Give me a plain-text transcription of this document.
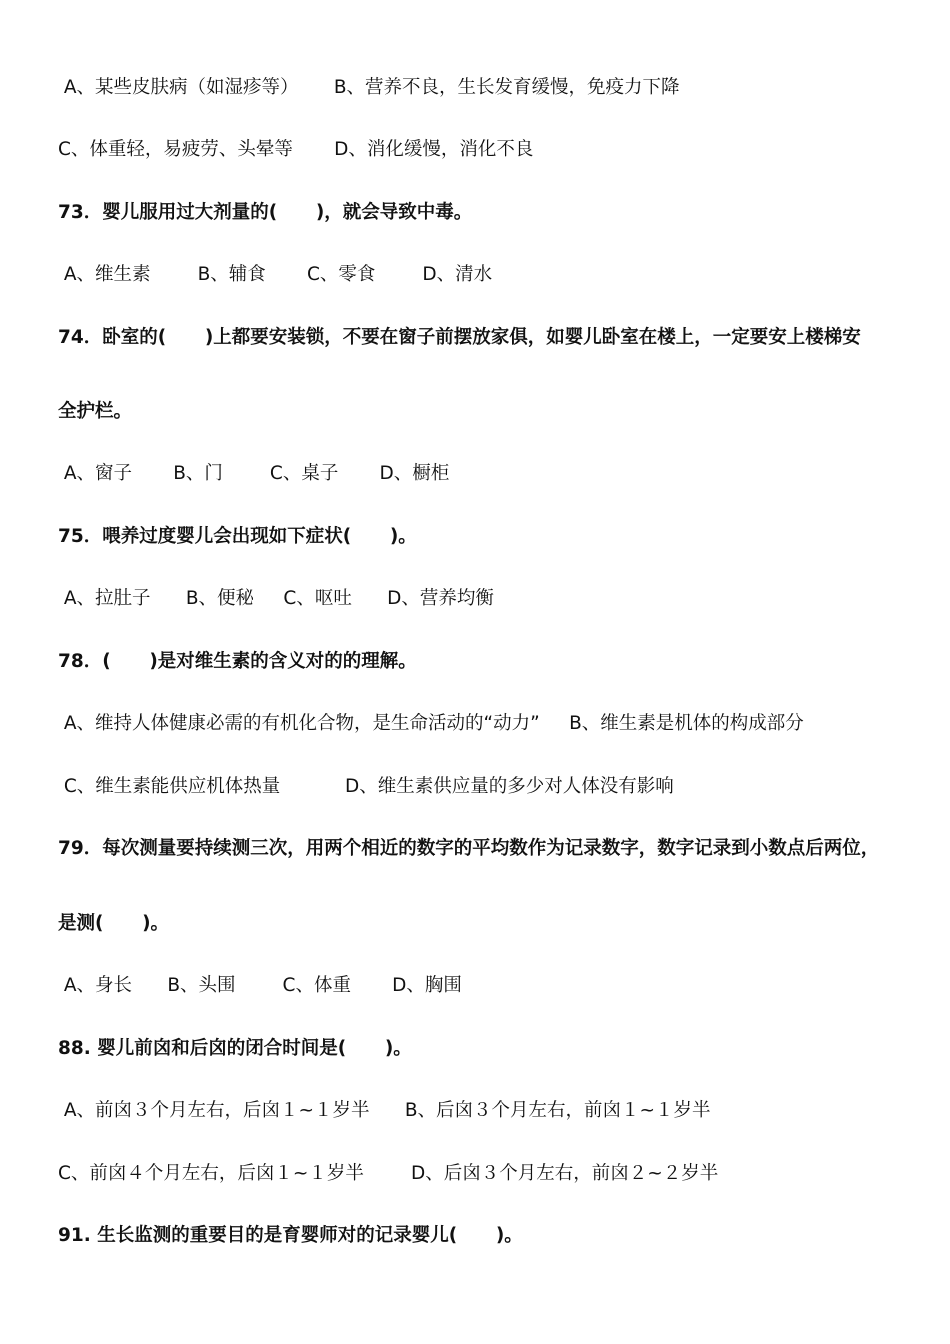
A、某些皮肤病（如湿疹等）      B、营养不良，生长发育缓慢，免疫力下降
C、体重轻，易疲劳、头晕等       D、消化缓慢，消化不良
73．婴儿服用过大剂量的(      )，就会导致中毒。
A、维生素        B、辅食       C、零食        D、清水
74．卧室的(      )上都要安装锁，不要在窗子前摆放家俱，如婴儿卧室在楼上，一定要安上楼梯安
全护栏。
A、窗子       B、门        C、桌子       D、橱柜
75．喂养过度婴儿会出现如下症状(      )。
A、拉肚子      B、便秘     C、呕吐      D、营养均衡
78．(      )是对维生素的含义对的的理解。
A、维持人体健康必需的有机化合物，是生命活动的“动力”     B、维生素是机体的构成部分
C、维生素能供应机体热量           D、维生素供应量的多少对人体没有影响
79．每次测量要持续测三次，用两个相近的数字的平均数作为记录数字，数字记录到小数点后两位，
是测(      )。
A、身长      B、头围        C、体重       D、胸围
88. 婴儿前囟和后囟的闭合时间是(      )。
A、前囟３个月左右，后囟１~１岁半      B、后囟３个月左右，前囟１~１岁半
C、前囟４个月左右，后囟１~１岁半        D、后囟３个月左右，前囟２~２岁半
91. 生长监测的重要目的是育婴师对的记录婴儿(      )。
